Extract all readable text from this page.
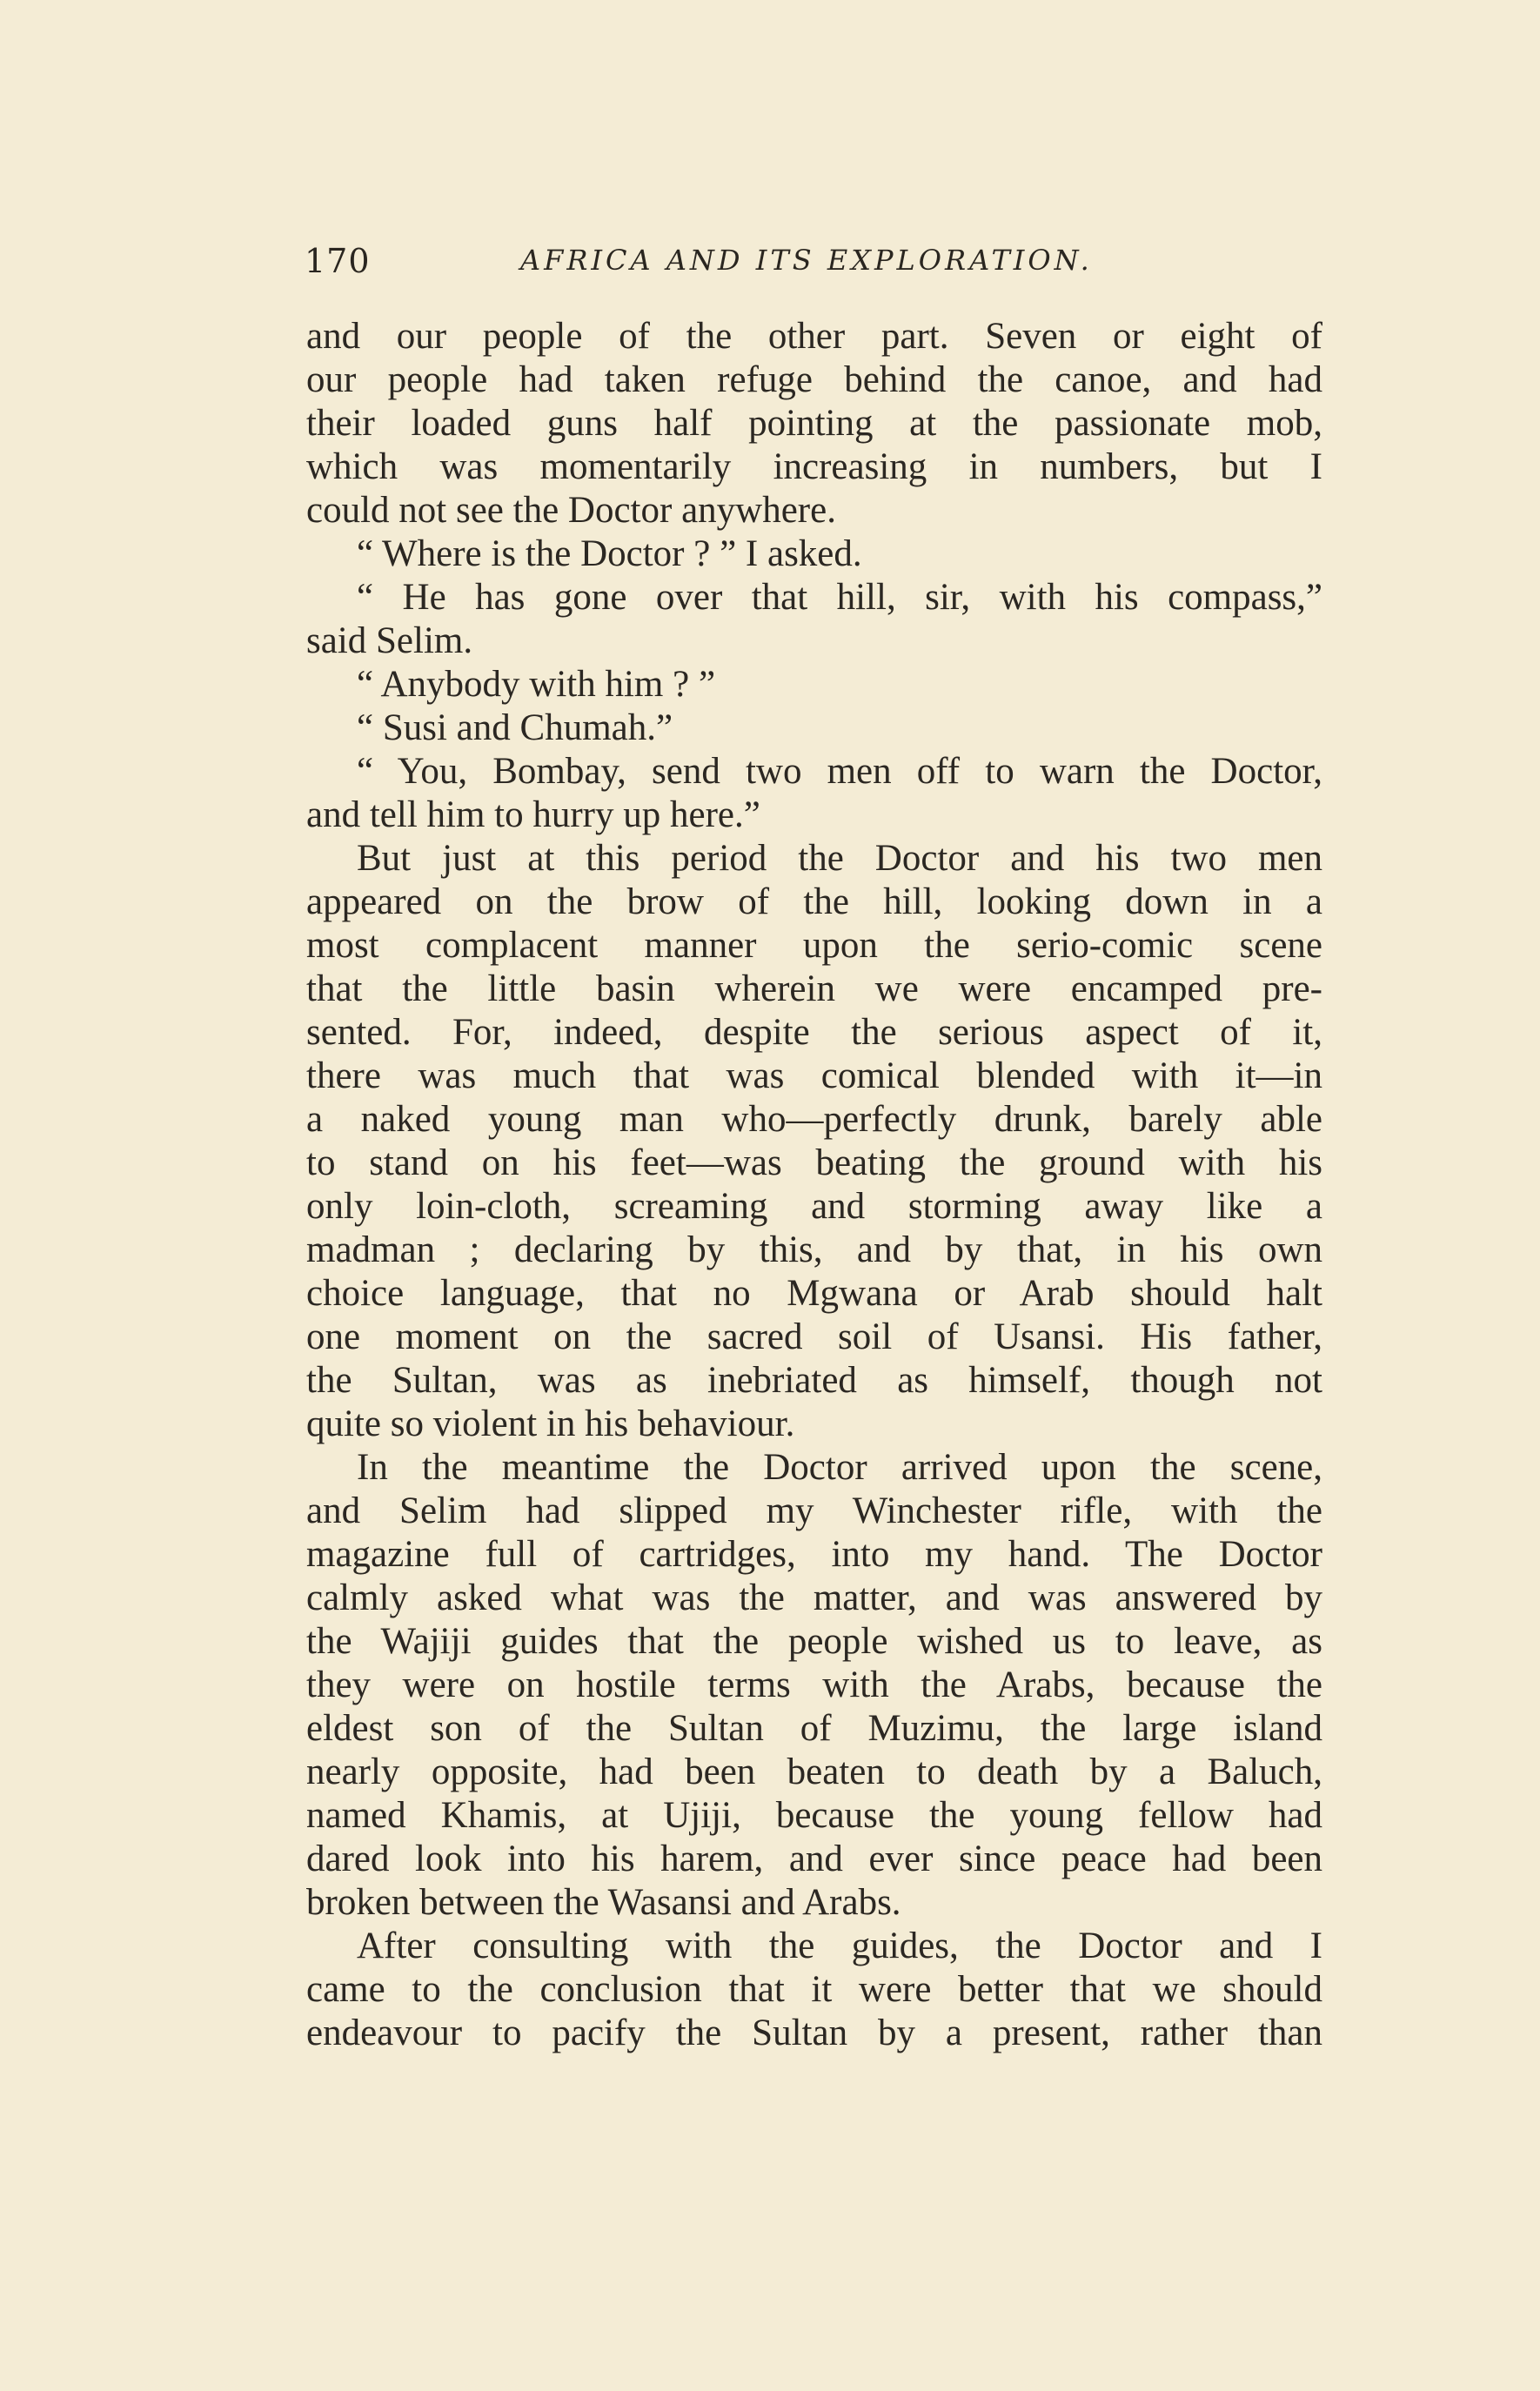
170	AFRICA AND ITS EXPLORATION.
and our people of the other part. Seven or eight of
our people had taken refuge behind the canoe, and had
their loaded guns half pointing at the passionate mob,
which was momentarily increasing in numbers, but I
could not see the Doctor anywhere.
“ Where is the Doctor ? ” I asked.
“ He has gone over that hill, sir, with his compass,”
said Selim.
“ Anybody with him ? ”
“ Susi and Chumah.”
“ You, Bombay, send two men off to warn the Doctor,
and tell him to hurry up here.”
But just at this period the Doctor and his two men
appeared on the brow of the hill, looking down in a
most complacent manner upon the serio-comic scene
that the little basin wherein we were encamped pre-
sented. For, indeed, despite the serious aspect of it,
there was much that was comical blended with it—in
a naked young man who—perfectly drunk, barely able
to stand on his feet—was beating the ground with his
only loin-cloth, screaming and storming away like a
madman ; declaring by this, and by that, in his own
choice language, that no Mgwana or Arab should halt
one moment on the sacred soil of Usansi. His father,
the Sultan, was as inebriated as himself, though not
quite so violent in his behaviour.
In the meantime the Doctor arrived upon the scene,
and Selim had slipped my Winchester rifle, with the
magazine full of cartridges, into my hand. The Doctor
calmly asked what was the matter, and was answered by
the Wajiji guides that the people wished us to leave, as
they were on hostile terms with the Arabs, because the
eldest son of the Sultan of Muzimu, the large island
nearly opposite, had been beaten to death by a Baluch,
named Khamis, at Ujiji, because the young fellow had
dared look into his harem, and ever since peace had been
broken between the Wasansi and Arabs.
After consulting with the guides, the Doctor and I
came to the conclusion that it were better that we should
endeavour to pacify the Sultan by a present, rather than
